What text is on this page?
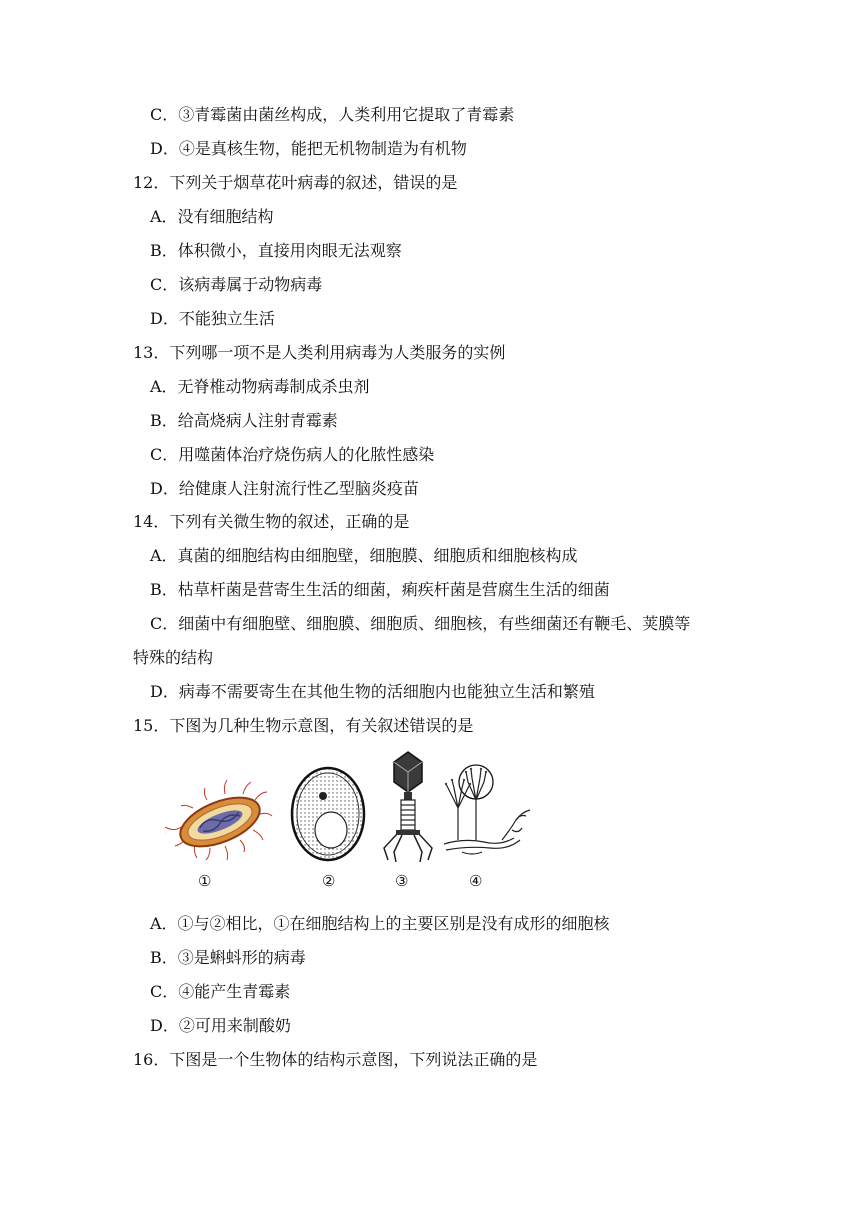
C．③青霉菌由菌丝构成，人类利用它提取了青霉素
D．④是真核生物，能把无机物制造为有机物
12．下列关于烟草花叶病毒的叙述，错误的是
A．没有细胞结构
B．体积微小，直接用肉眼无法观察
C．该病毒属于动物病毒
D．不能独立生活
13．下列哪一项不是人类利用病毒为人类服务的实例
A．无脊椎动物病毒制成杀虫剂
B．给高烧病人注射青霉素
C．用噬菌体治疗烧伤病人的化脓性感染
D．给健康人注射流行性乙型脑炎疫苗
14．下列有关微生物的叙述，正确的是
A．真菌的细胞结构由细胞壁，细胞膜、细胞质和细胞核构成
B．枯草杆菌是营寄生生活的细菌，痢疾杆菌是营腐生生活的细菌
C．细菌中有细胞壁、细胞膜、细胞质、细胞核，有些细菌还有鞭毛、荚膜等
特殊的结构
D．病毒不需要寄生在其他生物的活细胞内也能独立生活和繁殖
15．下图为几种生物示意图，有关叙述错误的是
①	②	③	④
A．①与②相比，①在细胞结构上的主要区别是没有成形的细胞核
B．③是蝌蚪形的病毒
C．④能产生青霉素
D．②可用来制酸奶
16．下图是一个生物体的结构示意图，下列说法正确的是
